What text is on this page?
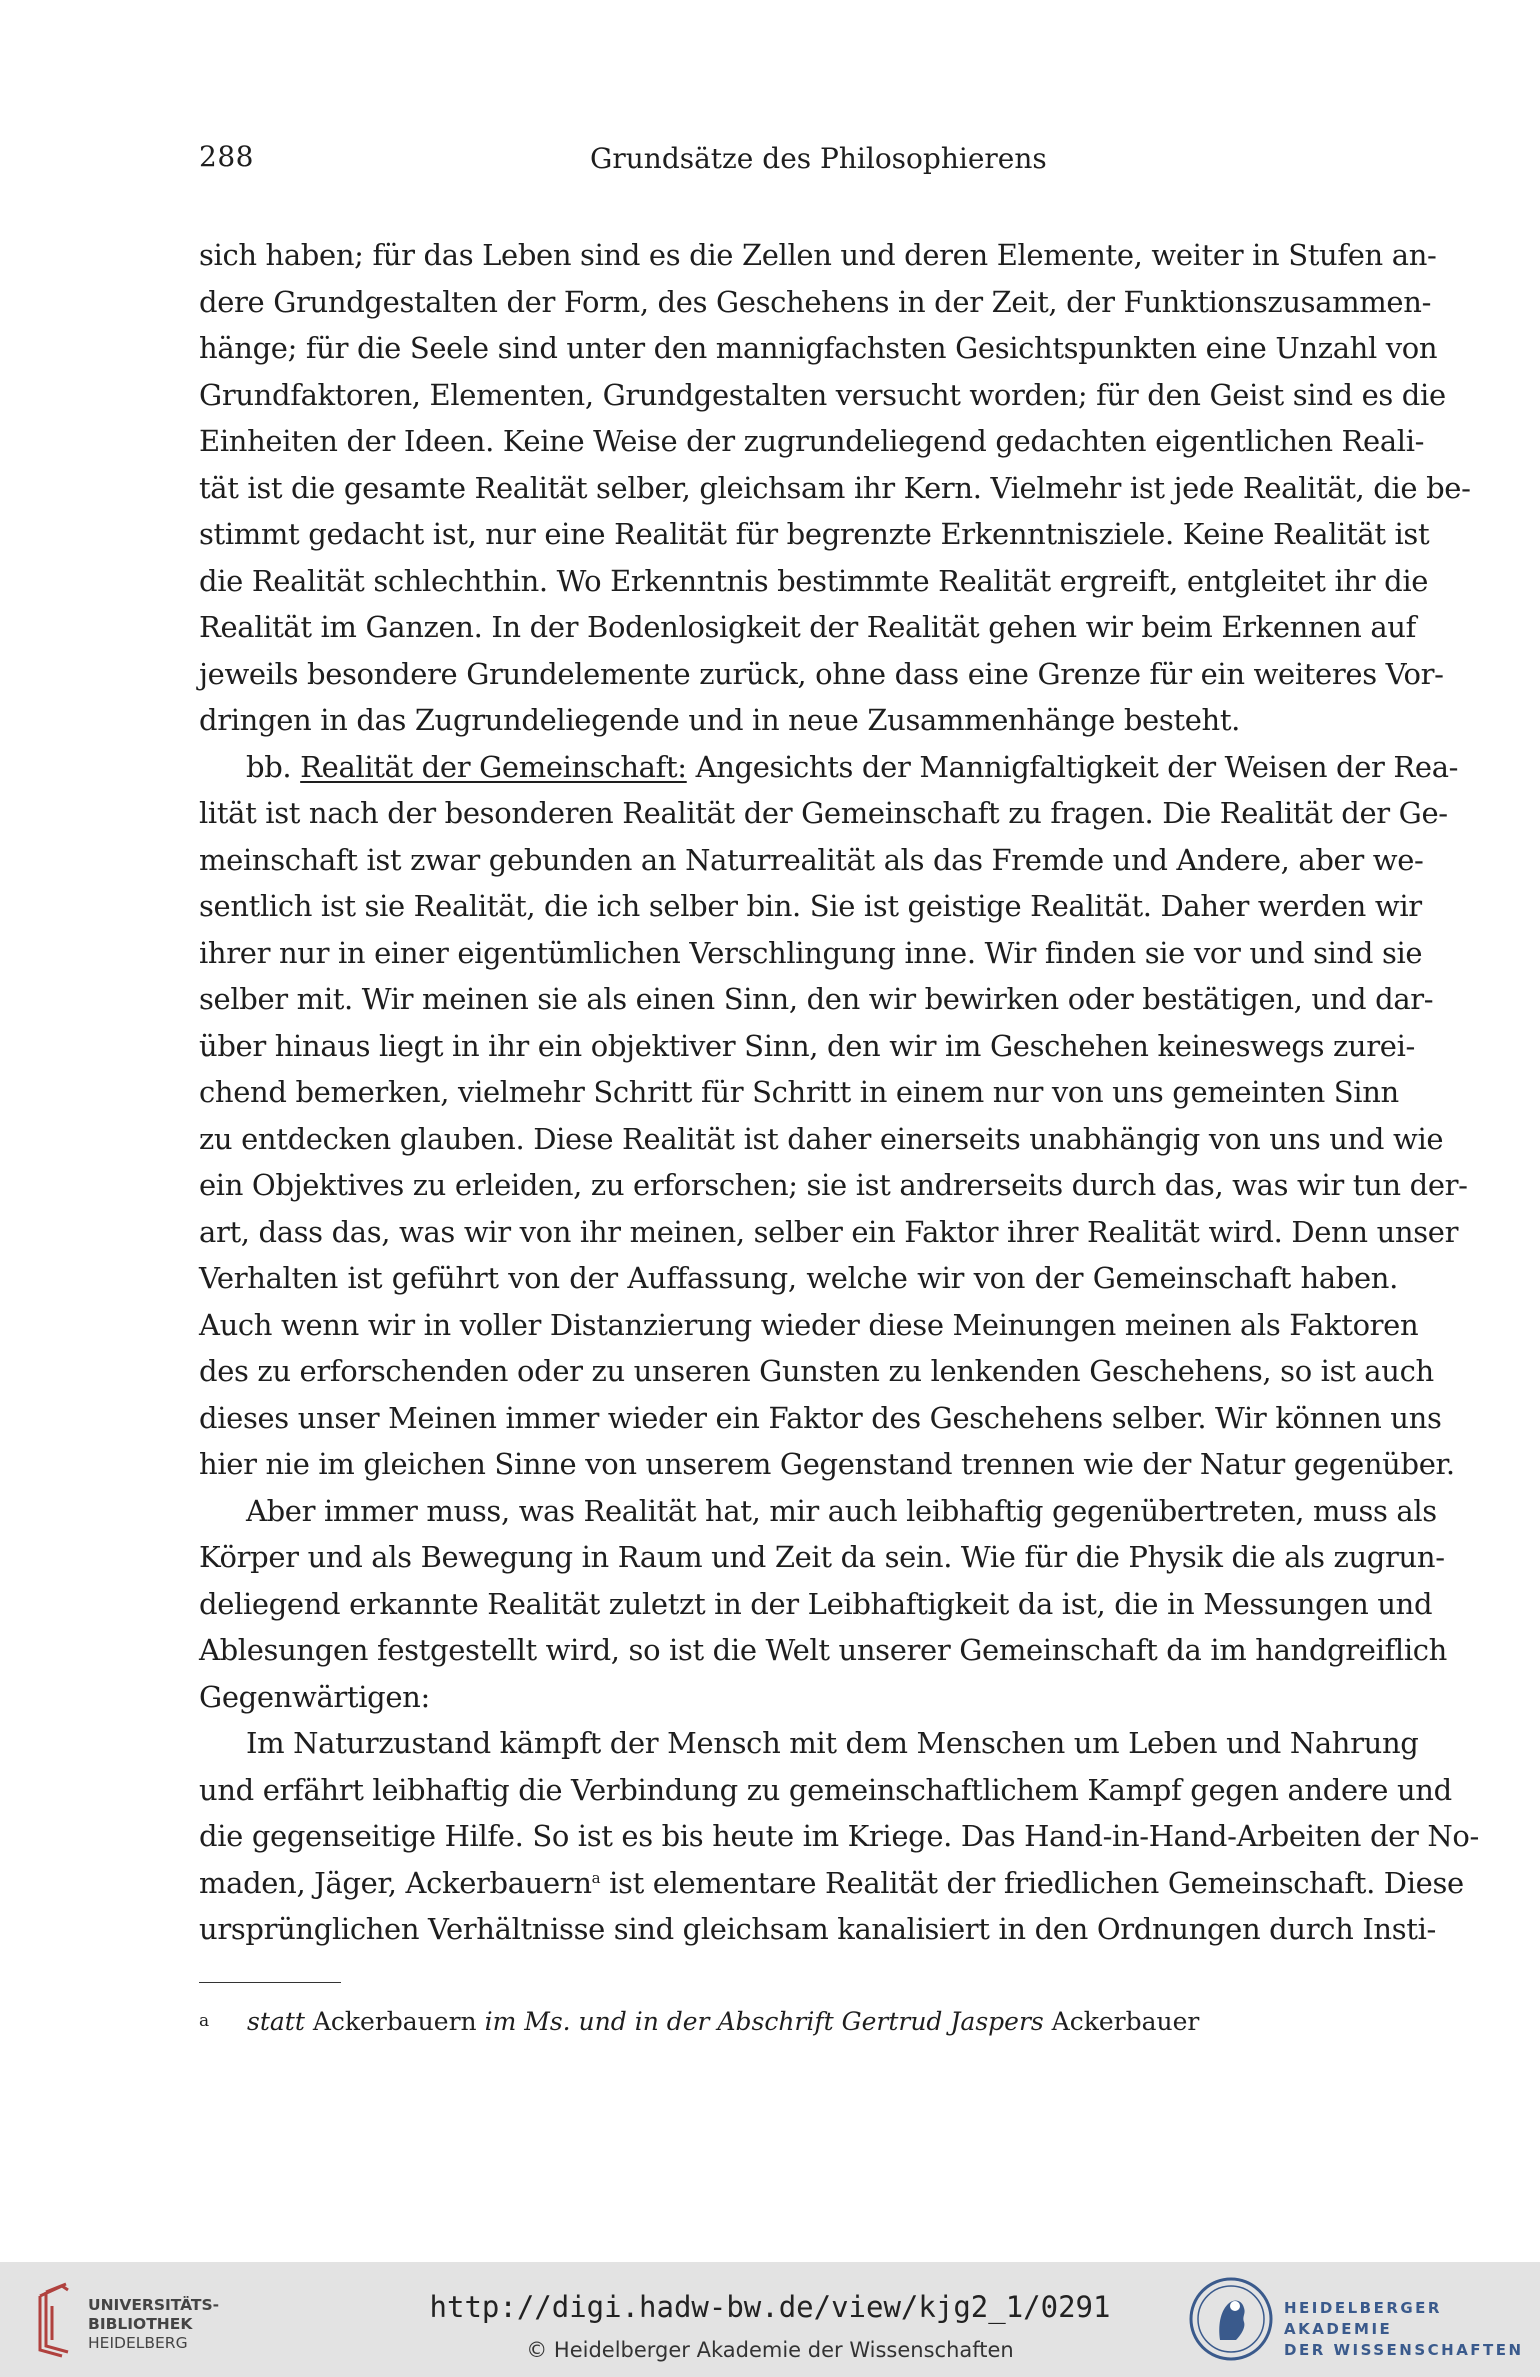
288	Grundsätze des Philosophierens
sich haben; für das Leben sind es die Zellen und deren Elemente, weiter in Stufen an-
dere Grundgestalten der Form, des Geschehens in der Zeit, der Funktionszusammen-
hänge; für die Seele sind unter den mannigfachsten Gesichtspunkten eine Unzahl von
Grundfaktoren, Elementen, Grundgestalten versucht worden; für den Geist sind es die
Einheiten der Ideen. Keine Weise der zugrundeliegend gedachten eigentlichen Reali-
tät ist die gesamte Realität selber, gleichsam ihr Kern. Vielmehr ist jede Realität, die be-
stimmt gedacht ist, nur eine Realität für begrenzte Erkenntnisziele. Keine Realität ist
die Realität schlechthin. Wo Erkenntnis bestimmte Realität ergreift, entgleitet ihr die
Realität im Ganzen. In der Bodenlosigkeit der Realität gehen wir beim Erkennen auf
jeweils besondere Grundelemente zurück, ohne dass eine Grenze für ein weiteres Vor-
dringen in das Zugrundeliegende und in neue Zusammenhänge besteht.
bb. Realität der Gemeinschaft: Angesichts der Mannigfaltigkeit der Weisen der Rea-
lität ist nach der besonderen Realität der Gemeinschaft zu fragen. Die Realität der Ge-
meinschaft ist zwar gebunden an Naturrealität als das Fremde und Andere, aber we-
sentlich ist sie Realität, die ich selber bin. Sie ist geistige Realität. Daher werden wir
ihrer nur in einer eigentümlichen Verschlingung inne. Wir finden sie vor und sind sie
selber mit. Wir meinen sie als einen Sinn, den wir bewirken oder bestätigen, und dar-
über hinaus liegt in ihr ein objektiver Sinn, den wir im Geschehen keineswegs zurei-
chend bemerken, vielmehr Schritt für Schritt in einem nur von uns gemeinten Sinn
zu entdecken glauben. Diese Realität ist daher einerseits unabhängig von uns und wie
ein Objektives zu erleiden, zu erforschen; sie ist andrerseits durch das, was wir tun der-
art, dass das, was wir von ihr meinen, selber ein Faktor ihrer Realität wird. Denn unser
Verhalten ist geführt von der Auffassung, welche wir von der Gemeinschaft haben.
Auch wenn wir in voller Distanzierung wieder diese Meinungen meinen als Faktoren
des zu erforschenden oder zu unseren Gunsten zu lenkenden Geschehens, so ist auch
dieses unser Meinen immer wieder ein Faktor des Geschehens selber. Wir können uns
hier nie im gleichen Sinne von unserem Gegenstand trennen wie der Natur gegenüber.
Aber immer muss, was Realität hat, mir auch leibhaftig gegenübertreten, muss als
Körper und als Bewegung in Raum und Zeit da sein. Wie für die Physik die als zugrun-
deliegend erkannte Realität zuletzt in der Leibhaftigkeit da ist, die in Messungen und
Ablesungen festgestellt wird, so ist die Welt unserer Gemeinschaft da im handgreiflich
Gegenwärtigen:
Im Naturzustand kämpft der Mensch mit dem Menschen um Leben und Nahrung
und erfährt leibhaftig die Verbindung zu gemeinschaftlichem Kampf gegen andere und
die gegenseitige Hilfe. So ist es bis heute im Kriege. Das Hand-in-Hand-Arbeiten der No-
maden, Jäger, Ackerbauern$^a$ ist elementare Realität der friedlichen Gemeinschaft. Diese
ursprünglichen Verhältnisse sind gleichsam kanalisiert in den Ordnungen durch Insti-
a statt Ackerbauern im Ms. und in der Abschrift Gertrud Jaspers Ackerbauer
UNIVERSITÄTS-
BIBLIOTHEK
HEIDELBERG
http://digi.hadw-bw.de/view/kjg2_1/0291
© Heidelberger Akademie der Wissenschaften
HEIDELBERGER AKADEMIE
DER WISSENSCHAFTEN
